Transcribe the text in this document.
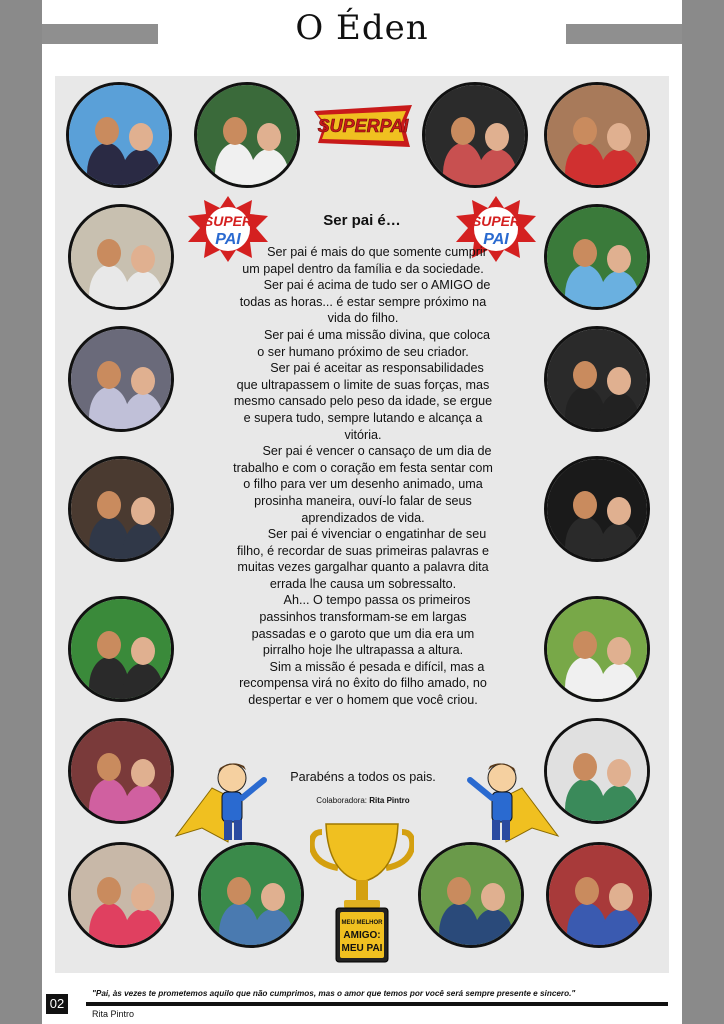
O Éden
SUPERPAI
SUPER
PAI
SUPER
PAI
Ser pai é…

Ser pai é mais do que somente cumprir um papel dentro da família e da sociedade.

Ser pai é acima de tudo ser o AMIGO de todas as horas... é estar sempre próximo na vida do filho.

Ser pai é uma missão divina, que coloca o ser humano próximo de seu criador.

Ser pai é aceitar as responsabilidades que ultrapassem o limite de suas forças, mas mesmo cansado pelo peso da idade, se ergue e supera tudo, sempre lutando e alcança a vitória.

Ser pai é vencer o cansaço de um dia de trabalho e com o coração em festa sentar com o filho para ver um desenho animado, uma prosinha maneira, ouví-lo falar de seus aprendizados de vida.

Ser pai é vivenciar o engatinhar de seu filho, é recordar de suas primeiras palavras e muitas vezes gargalhar quanto a palavra dita errada lhe causa um sobressalto.

Ah... O tempo passa os primeiros passinhos transformam-se em largas passadas e o garoto que um dia era um pirralho hoje lhe ultrapassa a altura.

Sim a missão é pesada e difícil, mas a recompensa virá no êxito do filho amado, no despertar e ver o homem que você criou.

Parabéns a todos os pais.
Colaboradora: Rita Pintro
MEU MELHOR
AMIGO:
MEU PAI
02
"Pai, às vezes te prometemos aquilo que não cumprimos, mas o amor que temos por você será sempre presente e sincero."
Rita Pintro
